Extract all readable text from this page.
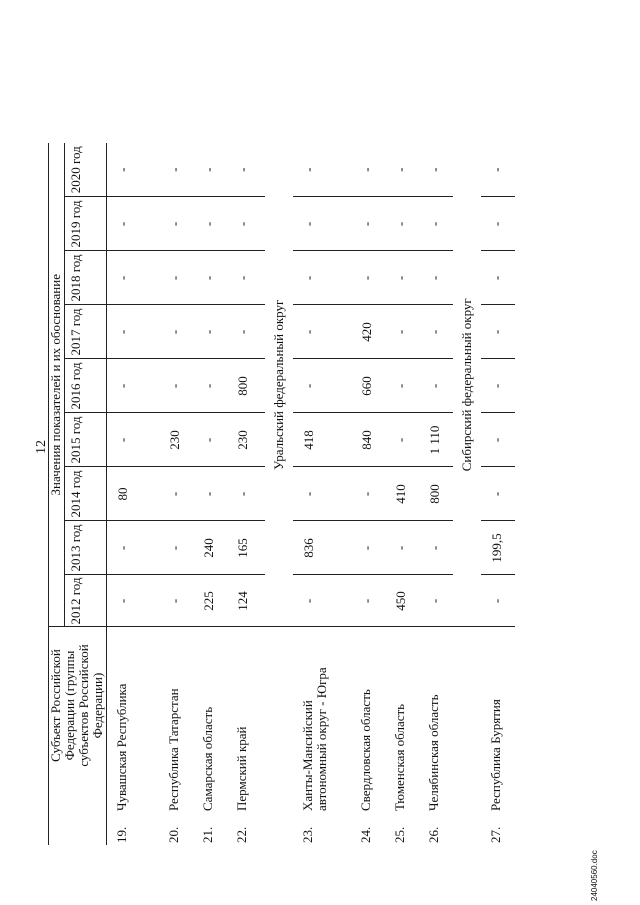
12
Субъект Российской Федерации (группы субъектов Российской Федерации)	Значения показателей и их обоснование								
	2012 год	2013 год	2014 год	2015 год	2016 год	2017 год	2018 год	2019 год	2020 год
19.Чувашская Республика	-	-	80	-	-	-	-	-	-
20.Республика Татарстан	-	-	-	230	-	-	-	-	-
21.Самарская область	225	240	-	-	-	-	-	-	-
22.Пермский край	124	165	-	230	800	-	-	-	-
	Уральский федеральный округ								
23.Ханты-Мансийский автономный округ - Югра	-	836	-	418	-	-	-	-	-
24.Свердловская область	-	-	-	840	660	420	-	-	-
25.Тюменская область	450	-	410	-	-	-	-	-	-
26.Челябинская область	-	-	800	1 110	-	-	-	-	-
	Сибирский федеральный округ								
27.Республика Бурятия	-	199,5	-	-	-	-	-	-	-
24040560.doc
